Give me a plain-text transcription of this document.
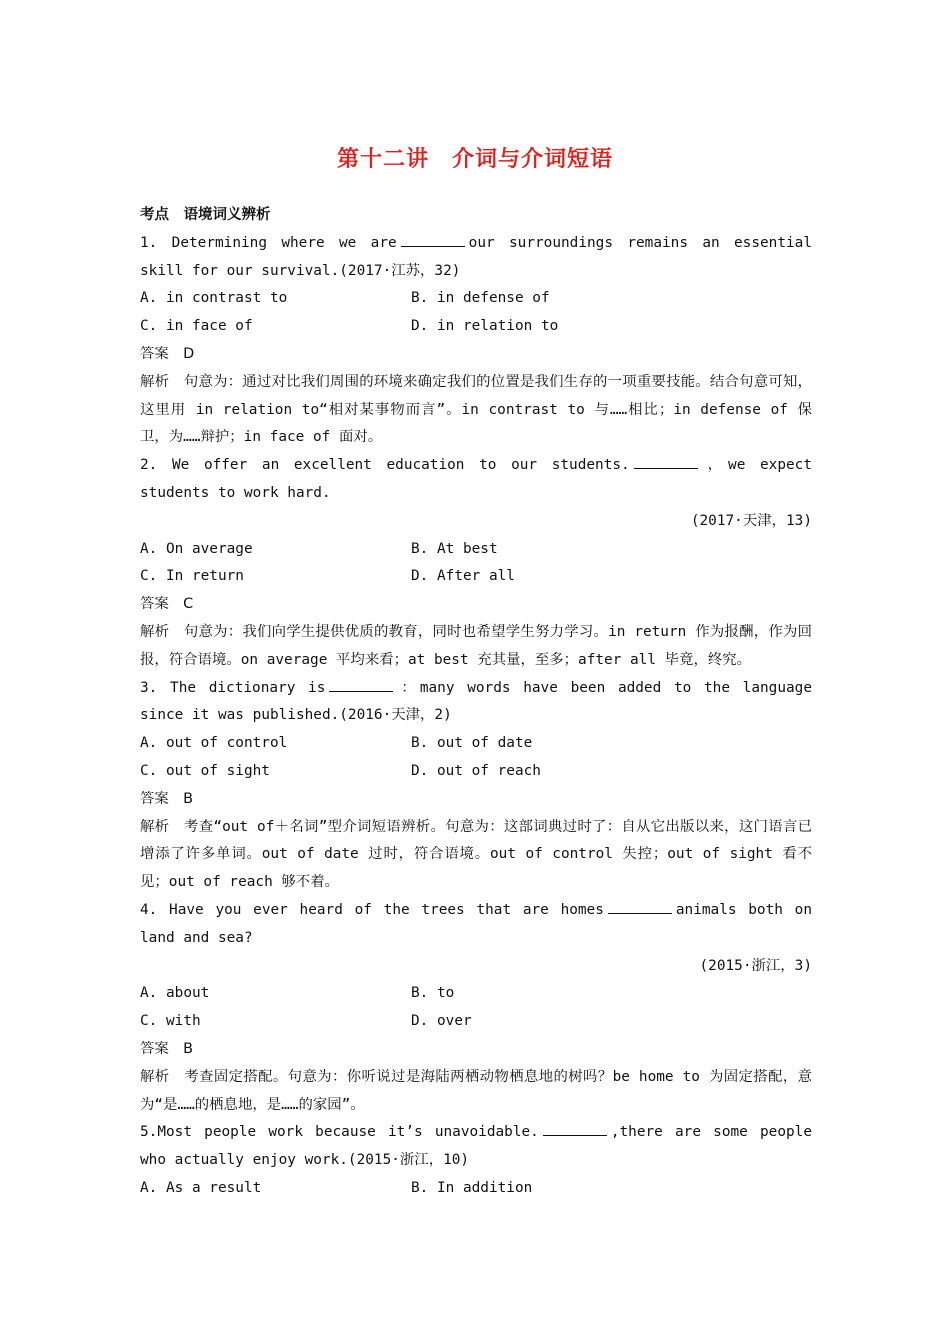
第十二讲　介词与介词短语
考点　语境词义辨析
1. Determining where we are	our surroundings remains an essential skill for our survival.(2017·江苏，32)
A. in contrast to	B. in defense of
C. in face of	D. in relation to
答案　D
解析　句意为：通过对比我们周围的环境来确定我们的位置是我们生存的一项重要技能。结合句意可知，这里用 in relation to“相对某事物而言”。in contrast to 与……相比；in defense of 保卫，为……辩护；in face of 面对。
2. We offer an excellent education to our students.	，we expect students to work hard.
(2017·天津，13)
A. On average	B. At best
C. In return	D. After all
答案　C
解析　句意为：我们向学生提供优质的教育，同时也希望学生努力学习。in return 作为报酬，作为回报，符合语境。on average 平均来看；at best 充其量，至多；after all 毕竟，终究。
3. The dictionary is	：many words have been added to the language since it was published.(2016·天津，2)
A. out of control	B. out of date
C. out of sight	D. out of reach
答案　B
解析　考查“out of＋名词”型介词短语辨析。句意为：这部词典过时了：自从它出版以来，这门语言已增添了许多单词。out of date 过时，符合语境。out of control 失控；out of sight 看不见；out of reach 够不着。
4. Have you ever heard of the trees that are homes	animals both on land and sea?
(2015·浙江，3)
A. about	B. to
C. with	D. over
答案　B
解析　考查固定搭配。句意为：你听说过是海陆两栖动物栖息地的树吗？be home to 为固定搭配，意为“是……的栖息地，是……的家园”。
5.Most people work because it’s unavoidable.	,there are some people who actually enjoy work.(2015·浙江，10)
A. As a result	B. In addition
